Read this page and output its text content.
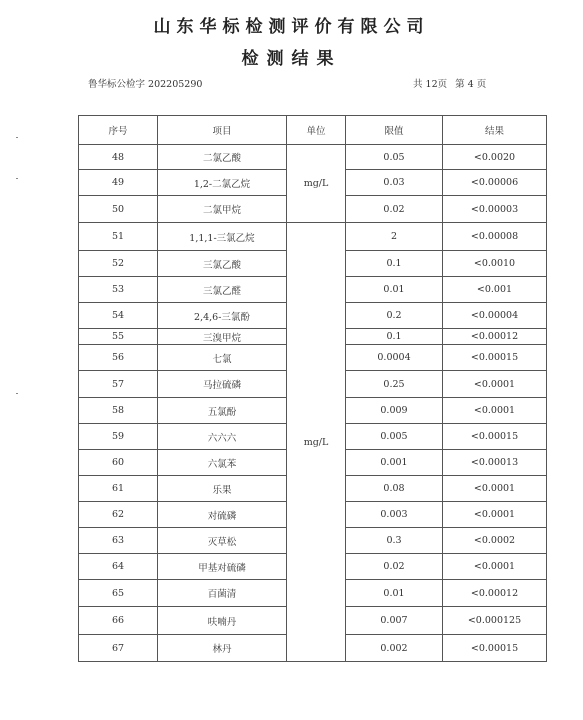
山东华标检测评价有限公司
检测结果
鲁华标公检字 202205290	共 12页 第 4 页
序号	项目	单位	限值	结果
48	二氯乙酸	mg/L	0.05	<0.0020
49	1,2-二氯乙烷		0.03	<0.00006
50	二氯甲烷		0.02	<0.00003
51	1,1,1-三氯乙烷	mg/L	2	<0.00008
52	三氯乙酸		0.1	<0.0010
53	三氯乙醛		0.01	<0.001
54	2,4,6-三氯酚		0.2	<0.00004
55	三溴甲烷		0.1	<0.00012
56	七氯		0.0004	<0.00015
57	马拉硫磷		0.25	<0.0001
58	五氯酚		0.009	<0.0001
59	六六六		0.005	<0.00015
60	六氯苯		0.001	<0.00013
61	乐果		0.08	<0.0001
62	对硫磷		0.003	<0.0001
63	灭草松		0.3	<0.0002
64	甲基对硫磷		0.02	<0.0001
65	百菌清		0.01	<0.00012
66	呋喃丹		0.007	<0.000125
67	林丹		0.002	<0.00015
